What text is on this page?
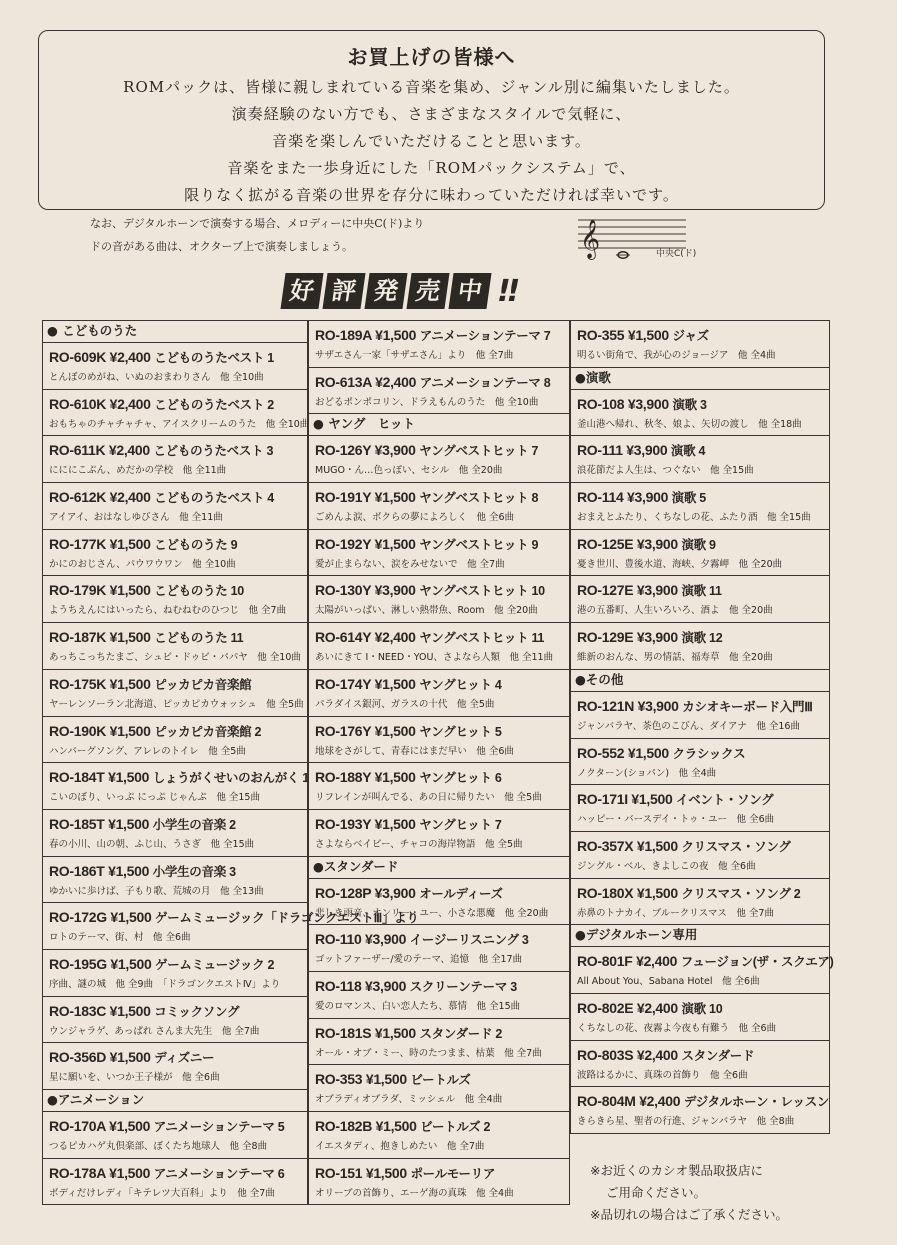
お買上げの皆様へ

ROMパックは、皆様に親しまれている音楽を集め、ジャンル別に編集いたしました。

演奏経験のない方でも、さまざまなスタイルで気軽に、

音楽を楽しんでいただけることと思います。

音楽をまた一歩身近にした「ROMパックシステム」で、

限りなく拡がる音楽の世界を存分に味わっていただければ幸いです。

なお、デジタルホーンで演奏する場合、メロディーに中央C(ド)より
ドの音がある曲は、オクターブ上で演奏しましょう。	𝄞	中央C(ド)
好 評 発 売 中 !!
● こどものうた
RO-609K ¥2,400 こどものうたベスト 1
とんぼのめがね、いぬのおまわりさん　他 全10曲
RO-610K ¥2,400 こどものうたベスト 2
おもちゃのチャチャチャ、アイスクリームのうた　他 全10曲
RO-611K ¥2,400 こどものうたベスト 3
にににこぷん、めだかの学校　他 全11曲
RO-612K ¥2,400 こどものうたベスト 4
アイアイ、おはなしゆびさん　他 全11曲
RO-177K ¥1,500 こどものうた 9
かにのおじさん、パウワウワン　他 全10曲
RO-179K ¥1,500 こどものうた 10
ようちえんにはいったら、ねむねむのひつじ　他 全7曲
RO-187K ¥1,500 こどものうた 11
あっちこっちたまご、シュビ・ドゥビ・パパヤ　他 全10曲
RO-175K ¥1,500 ピッカピカ音楽館
ヤーレンソーラン北海道、ピッカピカウォッシュ　他 全5曲
RO-190K ¥1,500 ピッカピカ音楽館 2
ハンバーグソング、アレレのトイレ　他 全5曲
RO-184T ¥1,500 しょうがくせいのおんがく 1
こいのぼり、いっぷ にっぷ じゃんぷ　他 全15曲
RO-185T ¥1,500 小学生の音楽 2
春の小川、山の朝、ふじ山、うさぎ　他 全15曲
RO-186T ¥1,500 小学生の音楽 3
ゆかいに歩けば、子もり歌、荒城の月　他 全13曲
RO-172G ¥1,500 ゲームミュージック「ドラゴンクエストⅢ」より
ロトのテーマ、街、村　他 全6曲
RO-195G ¥1,500 ゲームミュージック 2
序曲、謎の城　他 全9曲　「ドラゴンクエストⅣ」より
RO-183C ¥1,500 コミックソング
ウンジャラゲ、あっぱれ さんま大先生　他 全7曲
RO-356D ¥1,500 ディズニー
星に願いを、いつか王子様が　他 全6曲
●アニメーション
RO-170A ¥1,500 アニメーションテーマ 5
つるピカハゲ丸倶楽部、ぼくたち地球人　他 全8曲
RO-178A ¥1,500 アニメーションテーマ 6
ボディだけレディ「キテレツ大百科」より　他 全7曲
RO-189A ¥1,500 アニメーションテーマ 7
サザエさん一家「サザエさん」より　他 全7曲
RO-613A ¥2,400 アニメーションテーマ 8
おどるポンポコリン、ドラえもんのうた　他 全10曲
● ヤング　ヒット
RO-126Y ¥3,900 ヤングベストヒット 7
MUGO・ん…色っぽい、セシル　他 全20曲
RO-191Y ¥1,500 ヤングベストヒット 8
ごめんよ涙、ボクらの夢によろしく　他 全6曲
RO-192Y ¥1,500 ヤングベストヒット 9
愛が止まらない、涙をみせないで　他 全7曲
RO-130Y ¥3,900 ヤングベストヒット 10
太陽がいっぱい、淋しい熱帯魚、Room　他 全20曲
RO-614Y ¥2,400 ヤングベストヒット 11
あいにきて I・NEED・YOU、さよなら人類　他 全11曲
RO-174Y ¥1,500 ヤングヒット 4
パラダイス銀河、ガラスの十代　他 全5曲
RO-176Y ¥1,500 ヤングヒット 5
地球をさがして、青春にはまだ早い　他 全6曲
RO-188Y ¥1,500 ヤングヒット 6
リフレインが叫んでる、あの日に帰りたい　他 全5曲
RO-193Y ¥1,500 ヤングヒット 7
さよならベイビー、チャコの海岸物語　他 全5曲
●スタンダード
RO-128P ¥3,900 オールディーズ
悲しき雨音、オンリー・ユー、小さな悪魔　他 全20曲
RO-110 ¥3,900 イージーリスニング 3
ゴットファーザー/愛のテーマ、追憶　他 全17曲
RO-118 ¥3,900 スクリーンテーマ 3
愛のロマンス、白い恋人たち、慕情　他 全15曲
RO-181S ¥1,500 スタンダード 2
オール・オブ・ミー、時のたつまま、枯葉　他 全7曲
RO-353 ¥1,500 ビートルズ
オブラディオブラダ、ミッシェル　他 全4曲
RO-182B ¥1,500 ビートルズ 2
イエスタディ、抱きしめたい　他 全7曲
RO-151 ¥1,500 ポールモーリア
オリーブの首飾り、エーゲ海の真珠　他 全4曲
RO-355 ¥1,500 ジャズ
明るい街角で、我が心のジョージア　他 全4曲
●演歌
RO-108 ¥3,900 演歌 3
釜山港へ帰れ、秋冬、娘よ、矢切の渡し　他 全18曲
RO-111 ¥3,900 演歌 4
浪花節だよ人生は、つぐない　他 全15曲
RO-114 ¥3,900 演歌 5
おまえとふたり、くちなしの花、ふたり酒　他 全15曲
RO-125E ¥3,900 演歌 9
憂き世川、豊後水道、海峡、夕霧岬　他 全20曲
RO-127E ¥3,900 演歌 11
港の五番町、人生いろいろ、酒よ　他 全20曲
RO-129E ¥3,900 演歌 12
維新のおんな、男の情話、福寿草　他 全20曲
●その他
RO-121N ¥3,900 カシオキーボード入門Ⅲ
ジャンバラヤ、茶色のこびん、ダイアナ　他 全16曲
RO-552 ¥1,500 クラシックス
ノクターン(ショパン)　他 全4曲
RO-171I ¥1,500 イベント・ソング
ハッピー・バースデイ・トゥ・ユー　他 全6曲
RO-357X ¥1,500 クリスマス・ソング
ジングル・ベル、きよしこの夜　他 全6曲
RO-180X ¥1,500 クリスマス・ソング 2
赤鼻のトナカイ、ブルークリスマス　他 全7曲
●デジタルホーン専用
RO-801F ¥2,400 フュージョン(ザ・スクエア)
All About You、Sabana Hotel　他 全6曲
RO-802E ¥2,400 演歌 10
くちなしの花、夜霧よ今夜も有難う　他 全6曲
RO-803S ¥2,400 スタンダード
波路はるかに、真珠の首飾り　他 全6曲
RO-804M ¥2,400 デジタルホーン・レッスン
きらきら星、聖者の行進、ジャンバラヤ　他 全8曲
※お近くのカシオ製品取扱店に
ご用命ください。
※品切れの場合はご了承ください。
